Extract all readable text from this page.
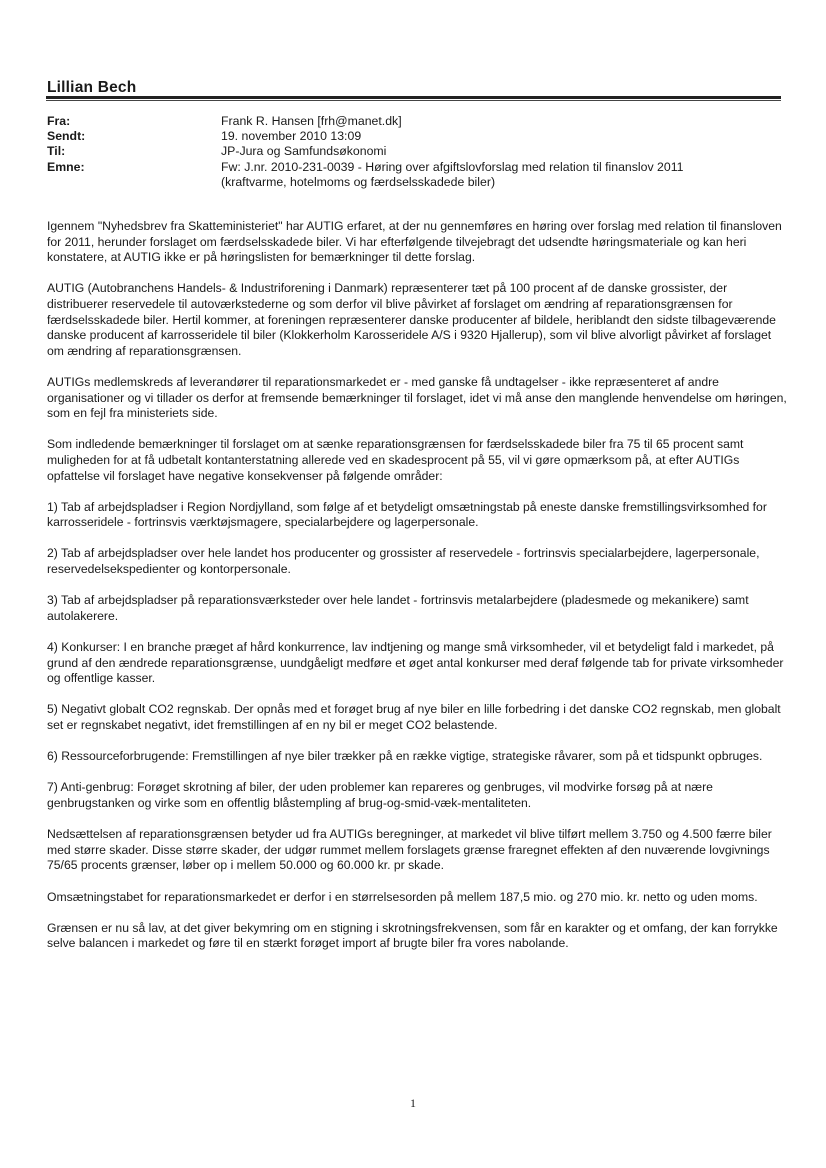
Lillian Bech
Fra:	Frank R. Hansen [frh@manet.dk]
Sendt:	19. november 2010 13:09
Til:	JP-Jura og Samfundsøkonomi
Emne:	Fw: J.nr. 2010-231-0039 - Høring over afgiftslovforslag med relation til finanslov 2011
(kraftvarme, hotelmoms og færdselsskadede biler)

Igennem "Nyhedsbrev fra Skatteministeriet" har AUTIG erfaret, at der nu gennemføres en høring over forslag med relation til finansloven for 2011, herunder forslaget om færdselsskadede biler. Vi har efterfølgende tilvejebragt det udsendte høringsmateriale og kan heri konstatere, at AUTIG ikke er på høringslisten for bemærkninger til dette forslag.

AUTIG (Autobranchens Handels- & Industriforening i Danmark) repræsenterer tæt på 100 procent af de danske grossister, der distribuerer reservedele til autoværkstederne og som derfor vil blive påvirket af forslaget om ændring af reparationsgrænsen for færdselsskadede biler. Hertil kommer, at foreningen repræsenterer danske producenter af bildele, heriblandt den sidste tilbageværende danske producent af karrosseridele til biler (Klokkerholm Karosseridele A/S i 9320 Hjallerup), som vil blive alvorligt påvirket af forslaget om ændring af reparationsgrænsen.

AUTIGs medlemskreds af leverandører til reparationsmarkedet er - med ganske få undtagelser - ikke repræsenteret af andre organisationer og vi tillader os derfor at fremsende bemærkninger til forslaget, idet vi må anse den manglende henvendelse om høringen, som en fejl fra ministeriets side.

Som indledende bemærkninger til forslaget om at sænke reparationsgrænsen for færdselsskadede biler fra 75 til 65 procent samt muligheden for at få udbetalt kontanterstatning allerede ved en skadesprocent på 55, vil vi gøre opmærksom på, at efter AUTIGs opfattelse vil forslaget have negative konsekvenser på følgende områder:

1) Tab af arbejdspladser i Region Nordjylland, som følge af et betydeligt omsætningstab på eneste danske fremstillingsvirksomhed for karrosseridele - fortrinsvis værktøjsmagere, specialarbejdere og lagerpersonale.

2) Tab af arbejdspladser over hele landet hos producenter og grossister af reservedele - fortrinsvis specialarbejdere, lagerpersonale, reservedelsekspedienter og kontorpersonale.

3) Tab af arbejdspladser på reparationsværksteder over hele landet - fortrinsvis metalarbejdere (pladesmede og mekanikere) samt autolakerere.

4) Konkurser: I en branche præget af hård konkurrence, lav indtjening og mange små virksomheder, vil et betydeligt fald i markedet, på grund af den ændrede reparationsgrænse, uundgåeligt medføre et øget antal konkurser med deraf følgende tab for private virksomheder og offentlige kasser.

5) Negativt globalt CO2 regnskab. Der opnås med et forøget brug af nye biler en lille forbedring i det danske CO2 regnskab, men globalt set er regnskabet negativt, idet fremstillingen af en ny bil er meget CO2 belastende.

6) Ressourceforbrugende: Fremstillingen af nye biler trækker på en række vigtige, strategiske råvarer, som på et tidspunkt opbruges.

7) Anti-genbrug: Forøget skrotning af biler, der uden problemer kan repareres og genbruges, vil modvirke forsøg på at nære genbrugstanken og virke som en offentlig blåstempling af brug-og-smid-væk-mentaliteten.

Nedsættelsen af reparationsgrænsen betyder ud fra AUTIGs beregninger, at markedet vil blive tilført mellem 3.750 og 4.500 færre biler med større skader. Disse større skader, der udgør rummet mellem forslagets grænse fraregnet effekten af den nuværende lovgivnings 75/65 procents grænser, løber op i mellem 50.000 og 60.000 kr. pr skade.

Omsætningstabet for reparationsmarkedet er derfor i en størrelsesorden på mellem 187,5 mio. og 270 mio. kr. netto og uden moms.

Grænsen er nu så lav, at det giver bekymring om en stigning i skrotningsfrekvensen, som får en karakter og et omfang, der kan forrykke selve balancen i markedet og føre til en stærkt forøget import af brugte biler fra vores nabolande.

1
